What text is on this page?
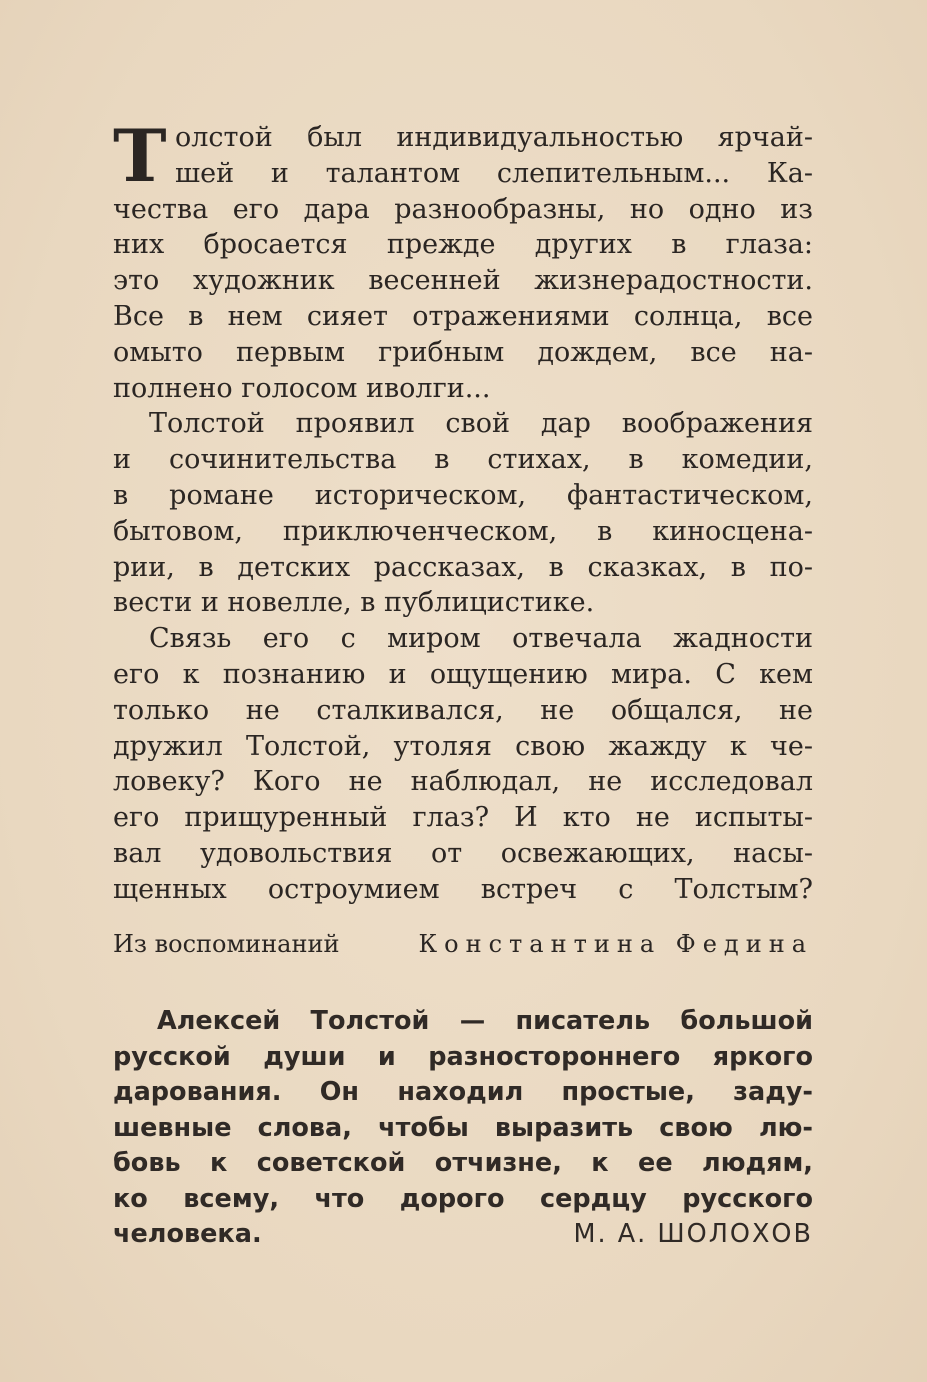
Т олстой был индивидуальностью ярчай-
шей и талантом слепительным... Ка-
чества его дара разнообразны, но одно из
них бросается прежде других в глаза:
это художник весенней жизнерадостности.
Все в нем сияет отражениями солнца, все
омыто первым грибным дождем, все на-
полнено голосом иволги...
Толстой проявил свой дар воображения
и сочинительства в стихах, в комедии,
в романе историческом, фантастическом,
бытовом, приключенческом, в киносцена-
рии, в детских рассказах, в сказках, в по-
вести и новелле, в публицистике.
Связь его с миром отвечала жадности
его к познанию и ощущению мира. С кем
только не сталкивался, не общался, не
дружил Толстой, утоляя свою жажду к че-
ловеку? Кого не наблюдал, не исследовал
его прищуренный глаз? И кто не испыты-
вал удовольствия от освежающих, насы-
щенных остроумием встреч с Толстым?
Из воспоминаний	Константина Федина
Алексей Толстой — писатель большой
русской души и разностороннего яркого
дарования. Он находил простые, заду-
шевные слова, чтобы выразить свою лю-
бовь к советской отчизне, к ее людям,
ко всему, что дорого сердцу русского
человека.	М. А. ШОЛОХОВ
